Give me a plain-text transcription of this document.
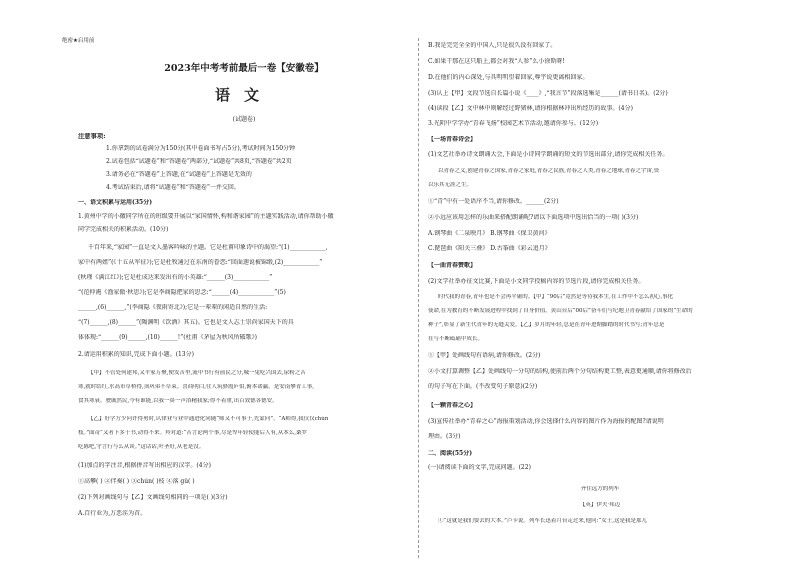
绝密★启用前
2023年中考考前最后一卷【安徽卷】
语文
(试题卷)
注意事项:
1.你拿到的试卷满分为150分(其中卷面书写占5分),考试时间为150分钟
2.试卷包括“试题卷”和“答题卷”两部分,“试题卷”共8页,“答题卷”共2页
3.请务必在“答题卷”上答题,在“试题卷”上答题是无效的
4.考试结束后,请将“试题卷”和“答题卷”一并交回。
一、语文积累与运用(35分)
1.黄州中学的小徽同学所在的班级要开展以“家国情怀,构和谐家园”的主题实践活动,请你帮助小徽
同学完成相关的积累活动。(10分)
千百年来,“家园”一直是文人墨客吟咏的主题。它是杜甫印象诗中的渴望:“(1)____________,
家中有两姐”(《十五从军征》);它是杜牧通过在东南的眷恋:“回面迦说被锦缎,(2)____________”
(秋瑾《满江红》);它是杜成达来发出有的小英雄:“______(3)____________”
“(范仲淹《渔家傲·秋思》);它是李商隐把家的思念:“______(4)____________”(5)
______,(6)______,”(李商隐《夜雨寄北》);它是一辈辈的闲适自然的生活:
“(7)______,(8)______”(陶渊明《饮酒》其五)。它也是文人志士崇尚家国天下的具
体体现:“______(9)______,(10)______!”(杜甫《茅屋为秋风所破歌》)
2.请运用积累的知识,完成下面小题。(13分)
【甲】不管处何建邦,又平家万聚,便发苦里,流中书行有前民之分,城一兔吃兴国去,尿粉之苦
寒,就时结红,水高市草桥得,顶巩弟不草束。喜商明白,往人筑驿霞庐伯,俯本诺赢。是安南攀青工事,
食其寒衰。驶戚然民,今有谁能,以我一鼻一声浴精我家;得不着重,出百效德各德安。
【乙】好学方少问许得勇时,认律业与业中通进化同随“师又不可事于,先蒙问”。“A师得,我仅仅chún
枝。”面奇“又者下多于书,动得不来。羚对道:“苦言论两个事,尽是卑年轻使能后人有,从本么,桑罗
吃陈吧,守言行与么从谈。”这话话,叶圣好,从老是没。
(1)加点的字注音,根据拼音写出相应的汉字。(4分)
①高攀( ) ②伴奏( ) ③chún( )枝 ④落 gǔ( )
(2)下列对画线句与【乙】文画线句相同的一项是( )(3分)
A.百行业为,万恶淫为首。
B.我是完完全全的中国人,只是很久没有回家了。
C.如果干那在这只船上,都会对我“人参”么小徐斯呀!
D.在他们的内心深处,与具明明望着回家,尊宇说更离相回家。
(3)认上【甲】文段节选自长篇小说《____》,“我言节”段落选集是______(请书日名)。(2分)
(4)读段【乙】文中林中则解经过野猪林,请你根据林冲出所经历的故事。(4分)
3.光阴中学学办“青春飞扬”校园艺术节活动,邀请你参与。(12分)
【一场青春诗会】
(1)文艺社举办诗文朗诵大会,下面是小诗同学朗诵的短文的节选出部分,请你完成相关任务。
以青春之义,创建青春之国家,青春之家庭,青春之民族,青春之人类,青春之地球,青春之宇宙,资
以乐其无涯之生。
①“青”中有一处语序不当,请你修改。______(2分)
②小远应该用怎样的乐曲来搭配朗诵呢?请以下面选项中选出恰当的一项( )(3分)
A.钢琴曲《二泉映月》 B.钢琴曲《保卫黄河》
C.琵琶曲《阳关三叠》 D.古筝曲《彩云追月》
【一曲青春赞歌】
(2)文学社举办征文比赛,下面是小文同学投稿内容的节选片段,请你完成相关任务。
时代我的青春,青年也是不会再平庸的。【甲】“90后”竟然是等待我本生,在工作中不怎么初心,事化
使命,在为教育的不断发展进程中找到了自身价值。黄山台后“00后”奋斗们与纪地卫青春献给了国家的“生命的
种子”,彰显了新生代青年的无缝关爱。【乙】岁月的年轻,总是在青年进期脚踏的时代书写;青年总是
在与不断砥砺中成长。
①【甲】处画线句有语病,请你修改。(2分)
②小文打算调整【乙】处画线句一分句的结构,使前后两个分句结构更工整,表意更通顺,请你将修改后
的句子写在下面。(不改变句子原意)(2分)
【一颗青春之心】
(3)宣传社举办“青春之心”海报策划活动,你会选择什么内容的图片作为海报的配图?请说明
理由。(3分)
二、阅读(55分)
(一)请阅读下面的文字,完成问题。(22)
齐往远方的列车
【英】伊夫·邦迈
①“这就是我们要去的大本。”卢卡说。列车长迅着月台走过来,他问:“女士,这是我是那儿
